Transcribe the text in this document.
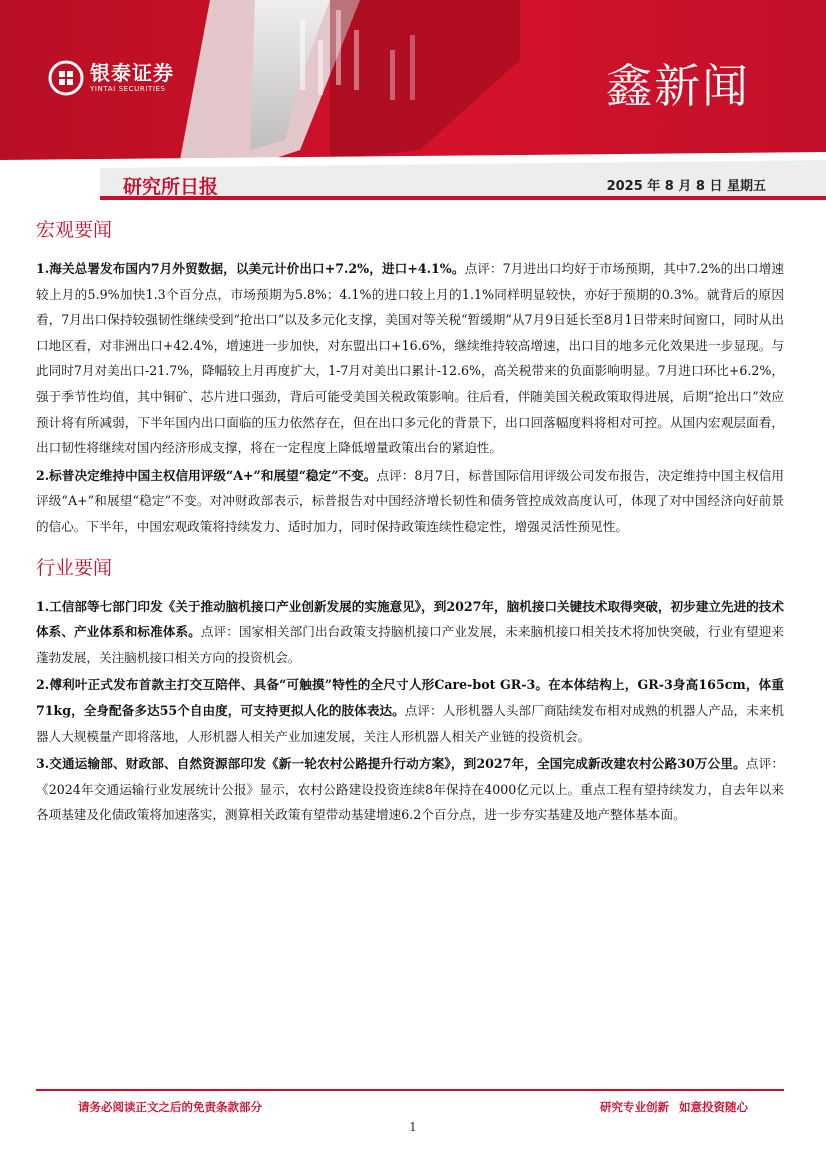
银泰证券
YINTAI SECURITIES	鑫新闻
研究所日报	2025 年 8 月 8 日 星期五
宏观要闻

1.海关总署发布国内7月外贸数据，以美元计价出口+7.2%，进口+4.1%。点评：7月进出口均好于市场预期，其中7.2%的出口增速较上月的5.9%加快1.3个百分点，市场预期为5.8%；4.1%的进口较上月的1.1%同样明显较快，亦好于预期的0.3%。就背后的原因看，7月出口保持较强韧性继续受到“抢出口”以及多元化支撑，美国对等关税“暂缓期”从7月9日延长至8月1日带来时间窗口，同时从出口地区看，对非洲出口+42.4%，增速进一步加快，对东盟出口+16.6%，继续维持较高增速，出口目的地多元化效果进一步显现。与此同时7月对美出口-21.7%，降幅较上月再度扩大，1-7月对美出口累计-12.6%，高关税带来的负面影响明显。7月进口环比+6.2%，强于季节性均值，其中铜矿、芯片进口强劲，背后可能受美国关税政策影响。往后看，伴随美国关税政策取得进展，后期“抢出口”效应预计将有所减弱，下半年国内出口面临的压力依然存在，但在出口多元化的背景下，出口回落幅度料将相对可控。从国内宏观层面看，出口韧性将继续对国内经济形成支撑，将在一定程度上降低增量政策出台的紧迫性。

2.标普决定维持中国主权信用评级“A+”和展望“稳定”不变。点评：8月7日，标普国际信用评级公司发布报告，决定维持中国主权信用评级“A+”和展望“稳定”不变。对冲财政部表示，标普报告对中国经济增长韧性和债务管控成效高度认可，体现了对中国经济向好前景的信心。下半年，中国宏观政策将持续发力、适时加力，同时保持政策连续性稳定性，增强灵活性预见性。

行业要闻

1.工信部等七部门印发《关于推动脑机接口产业创新发展的实施意见》，到2027年，脑机接口关键技术取得突破，初步建立先进的技术体系、产业体系和标准体系。点评：国家相关部门出台政策支持脑机接口产业发展，未来脑机接口相关技术将加快突破，行业有望迎来蓬勃发展，关注脑机接口相关方向的投资机会。

2.傅利叶正式发布首款主打交互陪伴、具备“可触摸”特性的全尺寸人形Care-bot GR-3。在本体结构上，GR-3身高165cm，体重71kg，全身配备多达55个自由度，可支持更拟人化的肢体表达。点评：人形机器人头部厂商陆续发布相对成熟的机器人产品，未来机器人大规模量产即将落地，人形机器人相关产业加速发展，关注人形机器人相关产业链的投资机会。

3.交通运输部、财政部、自然资源部印发《新一轮农村公路提升行动方案》，到2027年，全国完成新改建农村公路30万公里。点评：《2024年交通运输行业发展统计公报》显示，农村公路建设投资连续8年保持在4000亿元以上。重点工程有望持续发力，自去年以来各项基建及化债政策将加速落实，测算相关政策有望带动基建增速6.2个百分点，进一步夯实基建及地产整体基本面。

请务必阅读正文之后的免责条款部分	研究专业创新 如意投资随心
1
